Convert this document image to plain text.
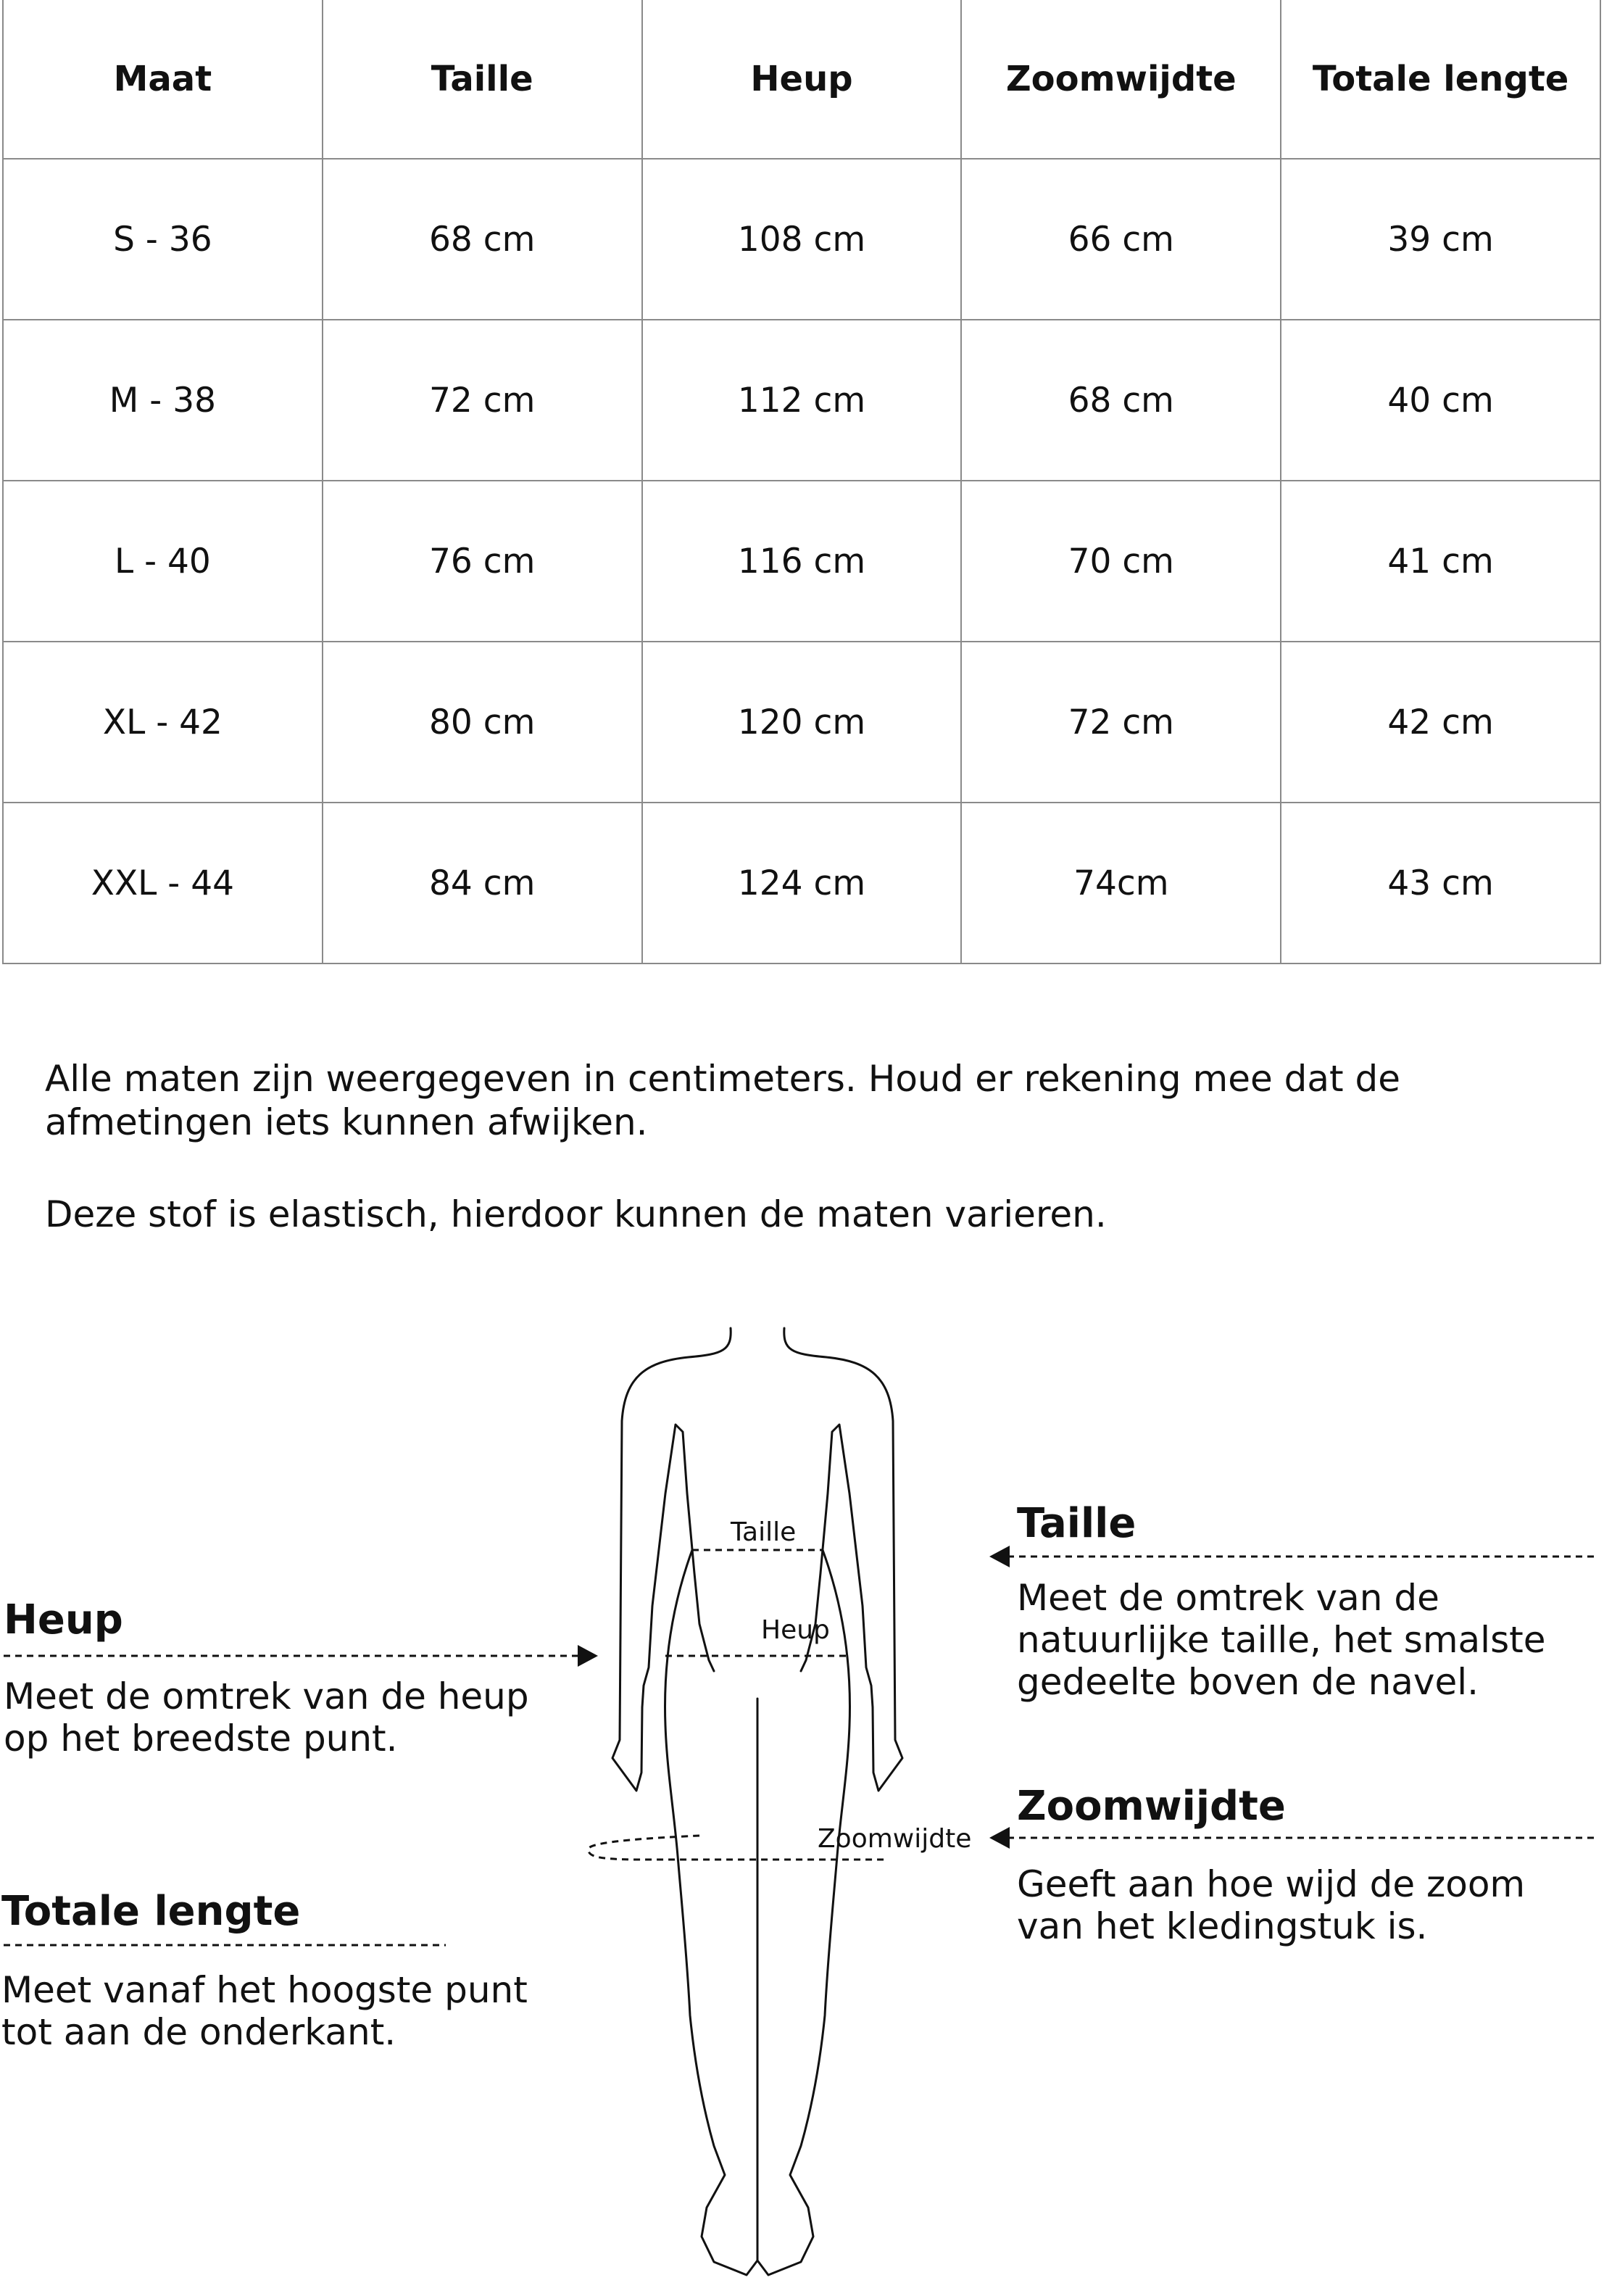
Maat	Taille	Heup	Zoomwijdte	Totale lengte
S - 36	68 cm	108 cm	66 cm	39 cm
M - 38	72 cm	112 cm	68 cm	40 cm
L - 40	76 cm	116 cm	70 cm	41 cm
XL - 42	80 cm	120 cm	72 cm	42 cm
XXL - 44	84 cm	124 cm	74cm	43 cm

Alle maten zijn weergegeven in centimeters. Houd er rekening mee dat de
afmetingen iets kunnen afwijken.

Deze stof is elastisch, hierdoor kunnen de maten varieren.

Taille
Heup
Zoomwijdte

Heup

Meet de omtrek van de heup
op het breedste punt.

Totale lengte

Meet vanaf het hoogste punt
tot aan de onderkant.

Taille

Meet de omtrek van de
natuurlijke taille, het smalste
gedeelte boven de navel.

Zoomwijdte

Geeft aan hoe wijd de zoom
van het kledingstuk is.
